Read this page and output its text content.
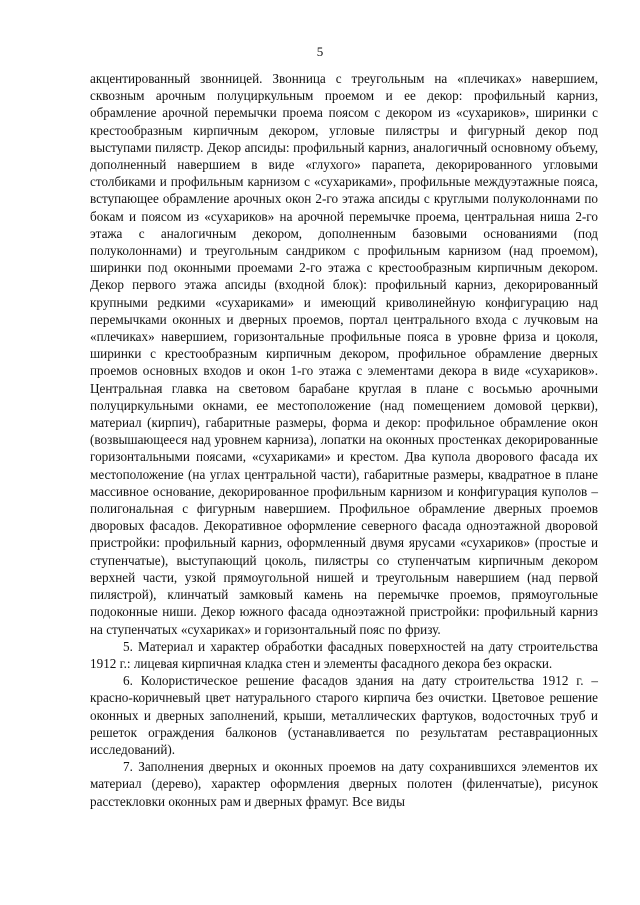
5

акцентированный звонницей. Звонница с треугольным на «плечиках» навершием, сквозным арочным полуциркульным проемом и ее декор: профильный карниз, обрамление арочной перемычки проема поясом с декором из «сухариков», ширинки с крестообразным кирпичным декором, угловые пилястры и фигурный декор под выступами пилястр. Декор апсиды: профильный карниз, аналогичный основному объему, дополненный навершием в виде «глухого» парапета, декорированного угловыми столбиками и профильным карнизом с «сухариками», профильные междуэтажные пояса, вступающее обрамление арочных окон 2-го этажа апсиды с круглыми полуколоннами по бокам и поясом из «сухариков» на арочной перемычке проема, центральная ниша 2-го этажа с аналогичным декором, дополненным базовыми основаниями (под полуколоннами) и треугольным сандриком с профильным карнизом (над проемом), ширинки под оконными проемами 2-го этажа с крестообразным кирпичным декором. Декор первого этажа апсиды (входной блок): профильный карниз, декорированный крупными редкими «сухариками» и имеющий криволинейную конфигурацию над перемычками оконных и дверных проемов, портал центрального входа с лучковым на «плечиках» навершием, горизонтальные профильные пояса в уровне фриза и цоколя, ширинки с крестообразным кирпичным декором, профильное обрамление дверных проемов основных входов и окон 1-го этажа с элементами декора в виде «сухариков». Центральная главка на световом барабане круглая в плане с восьмью арочными полуциркульными окнами, ее местоположение (над помещением домовой церкви), материал (кирпич), габаритные размеры, форма и декор: профильное обрамление окон (возвышающееся над уровнем карниза), лопатки на оконных простенках декорированные горизонтальными поясами, «сухариками» и крестом. Два купола дворового фасада их местоположение (на углах центральной части), габаритные размеры, квадратное в плане массивное основание, декорированное профильным карнизом и конфигурация куполов – полигональная с фигурным навершием. Профильное обрамление дверных проемов дворовых фасадов. Декоративное оформление северного фасада одноэтажной дворовой пристройки: профильный карниз, оформленный двумя ярусами «сухариков» (простые и ступенчатые), выступающий цоколь, пилястры со ступенчатым кирпичным декором верхней части, узкой прямоугольной нишей и треугольным навершием (над первой пилястрой), клинчатый замковый камень на перемычке проемов, прямоугольные подоконные ниши. Декор южного фасада одноэтажной пристройки: профильный карниз на ступенчатых «сухариках» и горизонтальный пояс по фризу.

5. Материал и характер обработки фасадных поверхностей на дату строительства 1912 г.: лицевая кирпичная кладка стен и элементы фасадного декора без окраски.

6. Колористическое решение фасадов здания на дату строительства 1912 г. – красно-коричневый цвет натурального старого кирпича без очистки. Цветовое решение оконных и дверных заполнений, крыши, металлических фартуков, водосточных труб и решеток ограждения балконов (устанавливается по результатам реставрационных исследований).

7. Заполнения дверных и оконных проемов на дату сохранившихся элементов их материал (дерево), характер оформления дверных полотен (филенчатые), рисунок расстекловки оконных рам и дверных фрамуг. Все виды
